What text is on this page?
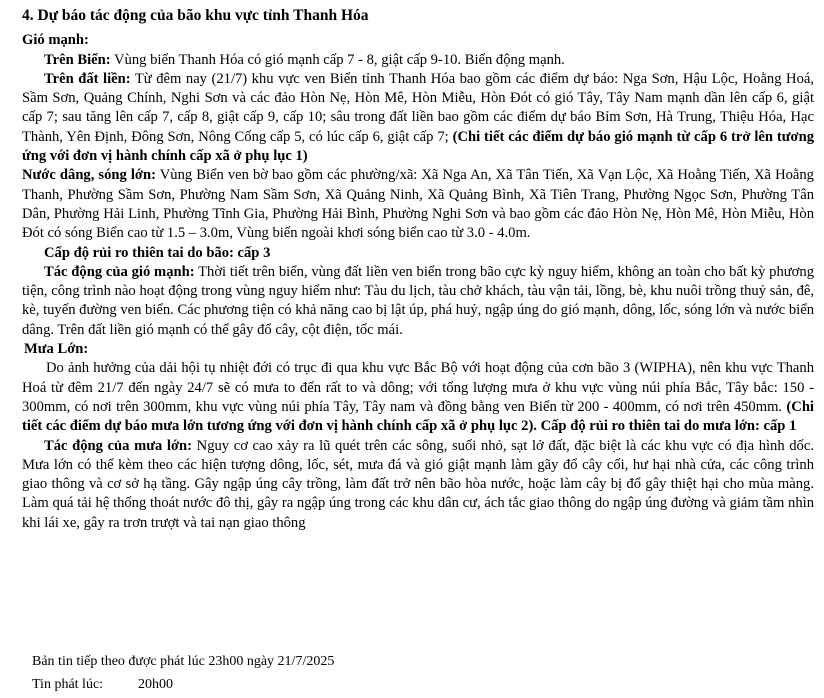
4. Dự báo tác động của bão khu vực tỉnh Thanh Hóa

Gió mạnh:

Trên Biển: Vùng biển Thanh Hóa có gió mạnh cấp 7 - 8, giật cấp 9-10. Biển động mạnh.

Trên đất liền: Từ đêm nay (21/7) khu vực ven Biển tỉnh Thanh Hóa bao gồm các điểm dự báo: Nga Sơn, Hậu Lộc, Hoằng Hoá, Sầm Sơn, Quảng Chính, Nghi Sơn và các đảo Hòn Nẹ, Hòn Mê, Hòn Miễu, Hòn Đót có gió Tây, Tây Nam mạnh dần lên cấp 6, giật cấp 7; sau tăng lên cấp 7, cấp 8, giật cấp 9, cấp 10; sâu trong đất liền bao gồm các điểm dự báo Bỉm Sơn, Hà Trung, Thiệu Hóa, Hạc Thành, Yên Định, Đông Sơn, Nông Cống cấp 5, có lúc cấp 6, giật cấp 7; (Chi tiết các điểm dự báo gió mạnh từ cấp 6 trở lên tương ứng với đơn vị hành chính cấp xã ở phụ lục 1)

Nước dâng, sóng lớn: Vùng Biển ven bờ bao gồm các phường/xã: Xã Nga An, Xã Tân Tiến, Xã Vạn Lộc, Xã Hoằng Tiến, Xã Hoằng Thanh, Phường Sầm Sơn, Phường Nam Sầm Sơn, Xã Quảng Ninh, Xã Quảng Bình, Xã Tiên Trang, Phường Ngọc Sơn, Phường Tân Dân, Phường Hải Linh, Phường Tĩnh Gia, Phường Hải Bình, Phường Nghi Sơn và bao gồm các đảo Hòn Nẹ, Hòn Mê, Hòn Miễu, Hòn Đót có sóng Biển cao từ 1.5 – 3.0m, Vùng biển ngoài khơi sóng biển cao từ 3.0 - 4.0m.

Cấp độ rủi ro thiên tai do bão: cấp 3

Tác động của gió mạnh: Thời tiết trên biển, vùng đất liền ven biển trong bão cực kỳ nguy hiểm, không an toàn cho bất kỳ phương tiện, công trình nào hoạt động trong vùng nguy hiểm như: Tàu du lịch, tàu chở khách, tàu vận tải, lồng, bè, khu nuôi trồng thuỷ sản, đê, kè, tuyến đường ven biển. Các phương tiện có khả năng cao bị lật úp, phá huỷ, ngập úng do gió mạnh, dông, lốc, sóng lớn và nước biển dâng. Trên đất liền gió mạnh có thể gây đổ cây, cột điện, tốc mái.

Mưa Lớn:

Do ảnh hưởng của dải hội tụ nhiệt đới có trục đi qua khu vực Bắc Bộ với hoạt động của cơn bão 3 (WIPHA), nên khu vực Thanh Hoá từ đêm 21/7 đến ngày 24/7 sẽ có mưa to đến rất to và dông; với tổng lượng mưa ở khu vực vùng núi phía Bắc, Tây bắc: 150 - 300mm, có nơi trên 300mm, khu vực vùng núi phía Tây, Tây nam và đồng bằng ven Biển từ 200 - 400mm, có nơi trên 450mm. (Chi tiết các điểm dự báo mưa lớn tương ứng với đơn vị hành chính cấp xã ở phụ lục 2). Cấp độ rủi ro thiên tai do mưa lớn: cấp 1

Tác động của mưa lớn: Nguy cơ cao xảy ra lũ quét trên các sông, suối nhỏ, sạt lở đất, đặc biệt là các khu vực có địa hình dốc. Mưa lớn có thể kèm theo các hiện tượng dông, lốc, sét, mưa đá và gió giật mạnh làm gãy đổ cây cối, hư hại nhà cửa, các công trình giao thông và cơ sở hạ tầng. Gây ngập úng cây trồng, làm đất trở nên bão hòa nước, hoặc làm cây bị đổ gây thiệt hại cho mùa màng. Làm quá tải hệ thống thoát nước đô thị, gây ra ngập úng trong các khu dân cư, ách tắc giao thông do ngập úng đường và giảm tầm nhìn khi lái xe, gây ra trơn trượt và tai nạn giao thông

Bản tin tiếp theo được phát lúc 23h00 ngày 21/7/2025
Tin phát lúc: 20h00
